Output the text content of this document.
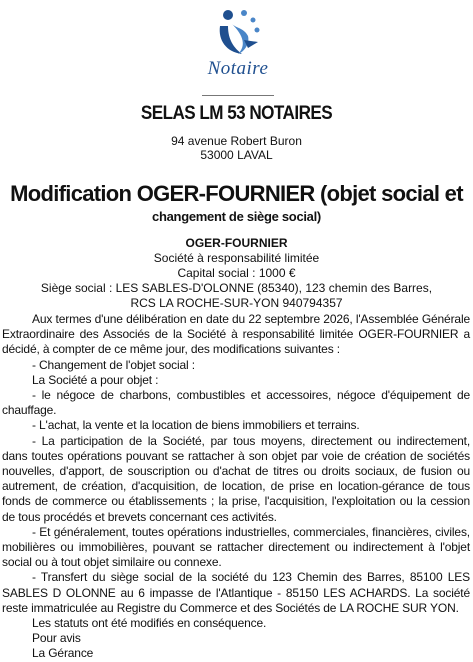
Notaire
SELAS LM 53 NOTAIRES
94 avenue Robert Buron
53000 LAVAL
Modification OGER-FOURNIER (objet social et
changement de siège social)
OGER-FOURNIER
Société à responsabilité limitée
Capital social : 1000 €
Siège social : LES SABLES-D'OLONNE (85340), 123 chemin des Barres,
RCS LA ROCHE-SUR-YON 940794357

Aux termes d'une délibération en date du 22 septembre 2026, l'Assemblée Générale Extraordinaire des Associés de la Société à responsabilité limitée OGER-FOURNIER a décidé, à compter de ce même jour, des modifications suivantes :

- Changement de l'objet social :

La Société a pour objet :

- le négoce de charbons, combustibles et accessoires, négoce d'équipement de chauffage.

- L'achat, la vente et la location de biens immobiliers et terrains.

- La participation de la Société, par tous moyens, directement ou indirectement, dans toutes opérations pouvant se rattacher à son objet par voie de création de sociétés nouvelles, d'apport, de souscription ou d'achat de titres ou droits sociaux, de fusion ou autrement, de création, d'acquisition, de location, de prise en location-gérance de tous fonds de commerce ou établissements ; la prise, l'acquisition, l'exploitation ou la cession de tous procédés et brevets concernant ces activités.

- Et généralement, toutes opérations industrielles, commerciales, financières, civiles, mobilières ou immobilières, pouvant se rattacher directement ou indirectement à l'objet social ou à tout objet similaire ou connexe.

- Transfert du siège social de la société du 123 Chemin des Barres, 85100 LES SABLES D OLONNE au 6 impasse de l'Atlantique - 85150 LES ACHARDS. La société reste immatriculée au Registre du Commerce et des Sociétés de LA ROCHE SUR YON.

Les statuts ont été modifiés en conséquence.

Pour avis

La Gérance
